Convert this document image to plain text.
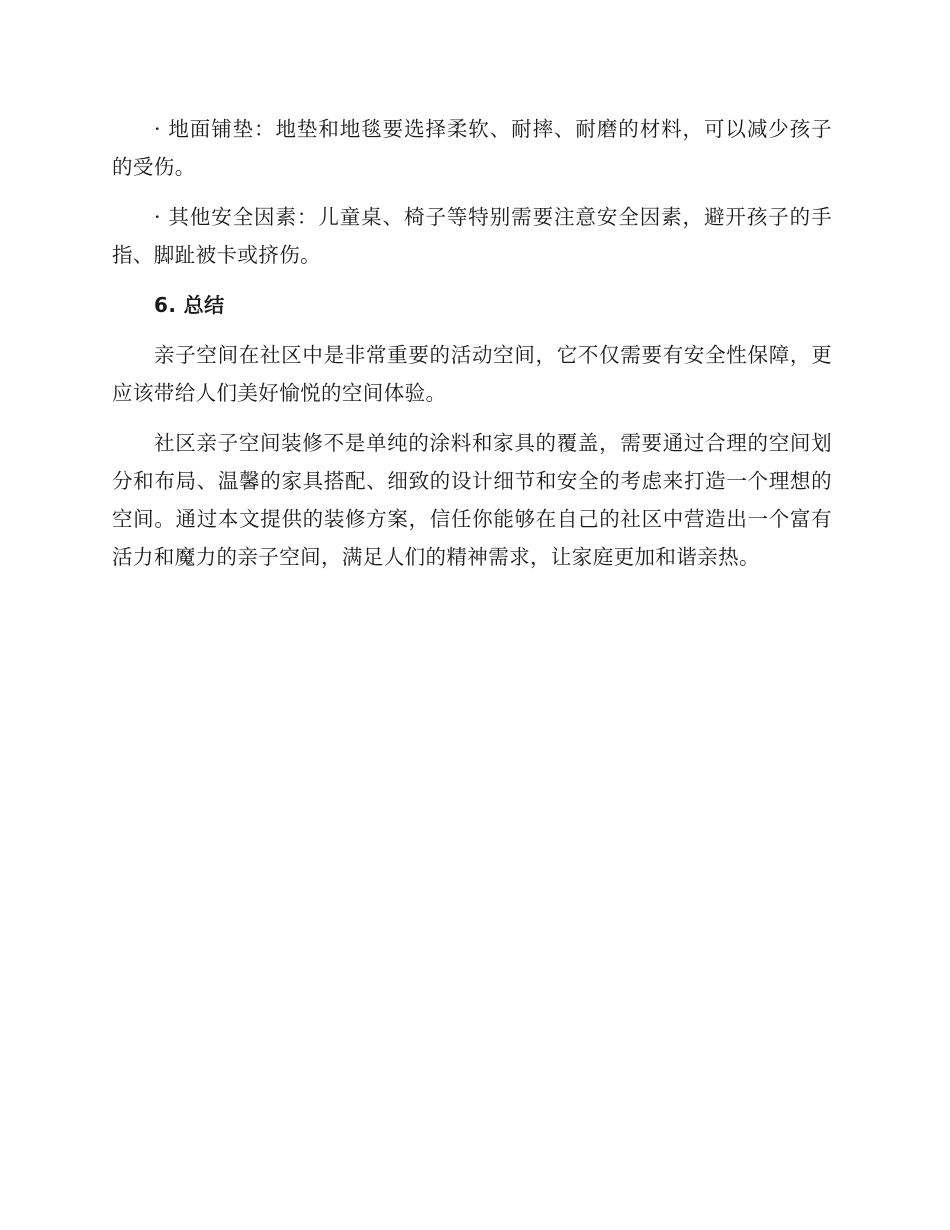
· 地面铺垫：地垫和地毯要选择柔软、耐摔、耐磨的材料，可以减少孩子的受伤。

· 其他安全因素：儿童桌、椅子等特别需要注意安全因素，避开孩子的手指、脚趾被卡或挤伤。

6. 总结

亲子空间在社区中是非常重要的活动空间，它不仅需要有安全性保障，更应该带给人们美好愉悦的空间体验。

社区亲子空间装修不是单纯的涂料和家具的覆盖，需要通过合理的空间划分和布局、温馨的家具搭配、细致的设计细节和安全的考虑来打造一个理想的空间。通过本文提供的装修方案，信任你能够在自己的社区中营造出一个富有活力和魔力的亲子空间，满足人们的精神需求，让家庭更加和谐亲热。
